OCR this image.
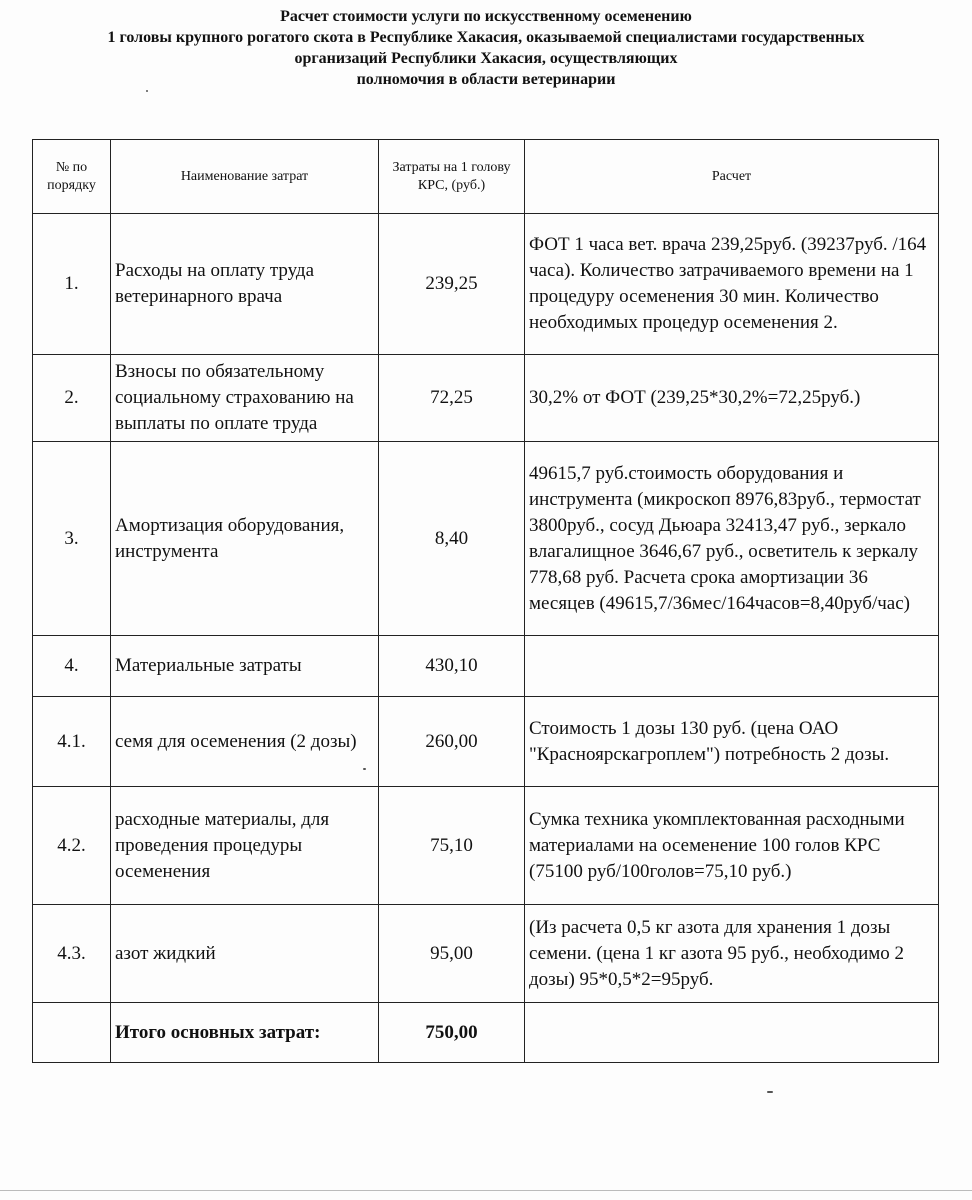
Расчет стоимости услуги по искусственному осеменению
1 головы крупного рогатого скота в Республике Хакасия, оказываемой специалистами государственных
организаций Республики Хакасия, осуществляющих
полномочия в области ветеринарии
№ по порядку	Наименование затрат	Затраты на 1 голову КРС, (руб.)	Расчет
1.	Расходы на оплату труда ветеринарного врача	239,25	ФОТ 1 часа вет. врача 239,25руб. (39237руб. /164 часа). Количество затрачиваемого времени на 1 процедуру осеменения 30 мин. Количество необходимых процедур осеменения 2.
2.	Взносы по обязательному социальному страхованию на выплаты по оплате труда	72,25	30,2% от ФОТ (239,25*30,2%=72,25руб.)
3.	Амортизация оборудования, инструмента	8,40	49615,7 руб.стоимость оборудования и инструмента (микроскоп 8976,83руб., термостат 3800руб., сосуд Дьюара 32413,47 руб., зеркало влагалищное 3646,67 руб., осветитель к зеркалу 778,68 руб. Расчета срока амортизации 36 месяцев (49615,7/36мес/164часов=8,40руб/час)
4.	Материальные затраты	430,10	
4.1.	семя для осеменения (2 дозы)	260,00	Стоимость 1 дозы 130 руб. (цена ОАО "Красноярскагроплем") потребность 2 дозы.
4.2.	расходные материалы, для проведения процедуры осеменения	75,10	Сумка техника укомплектованная расходными материалами на осеменение 100 голов КРС (75100 руб/100голов=75,10 руб.)
4.3.	азот жидкий	95,00	(Из расчета 0,5 кг азота для хранения 1 дозы семени. (цена 1 кг азота 95 руб., необходимо 2 дозы) 95*0,5*2=95руб.
	Итого основных затрат:	750,00	
